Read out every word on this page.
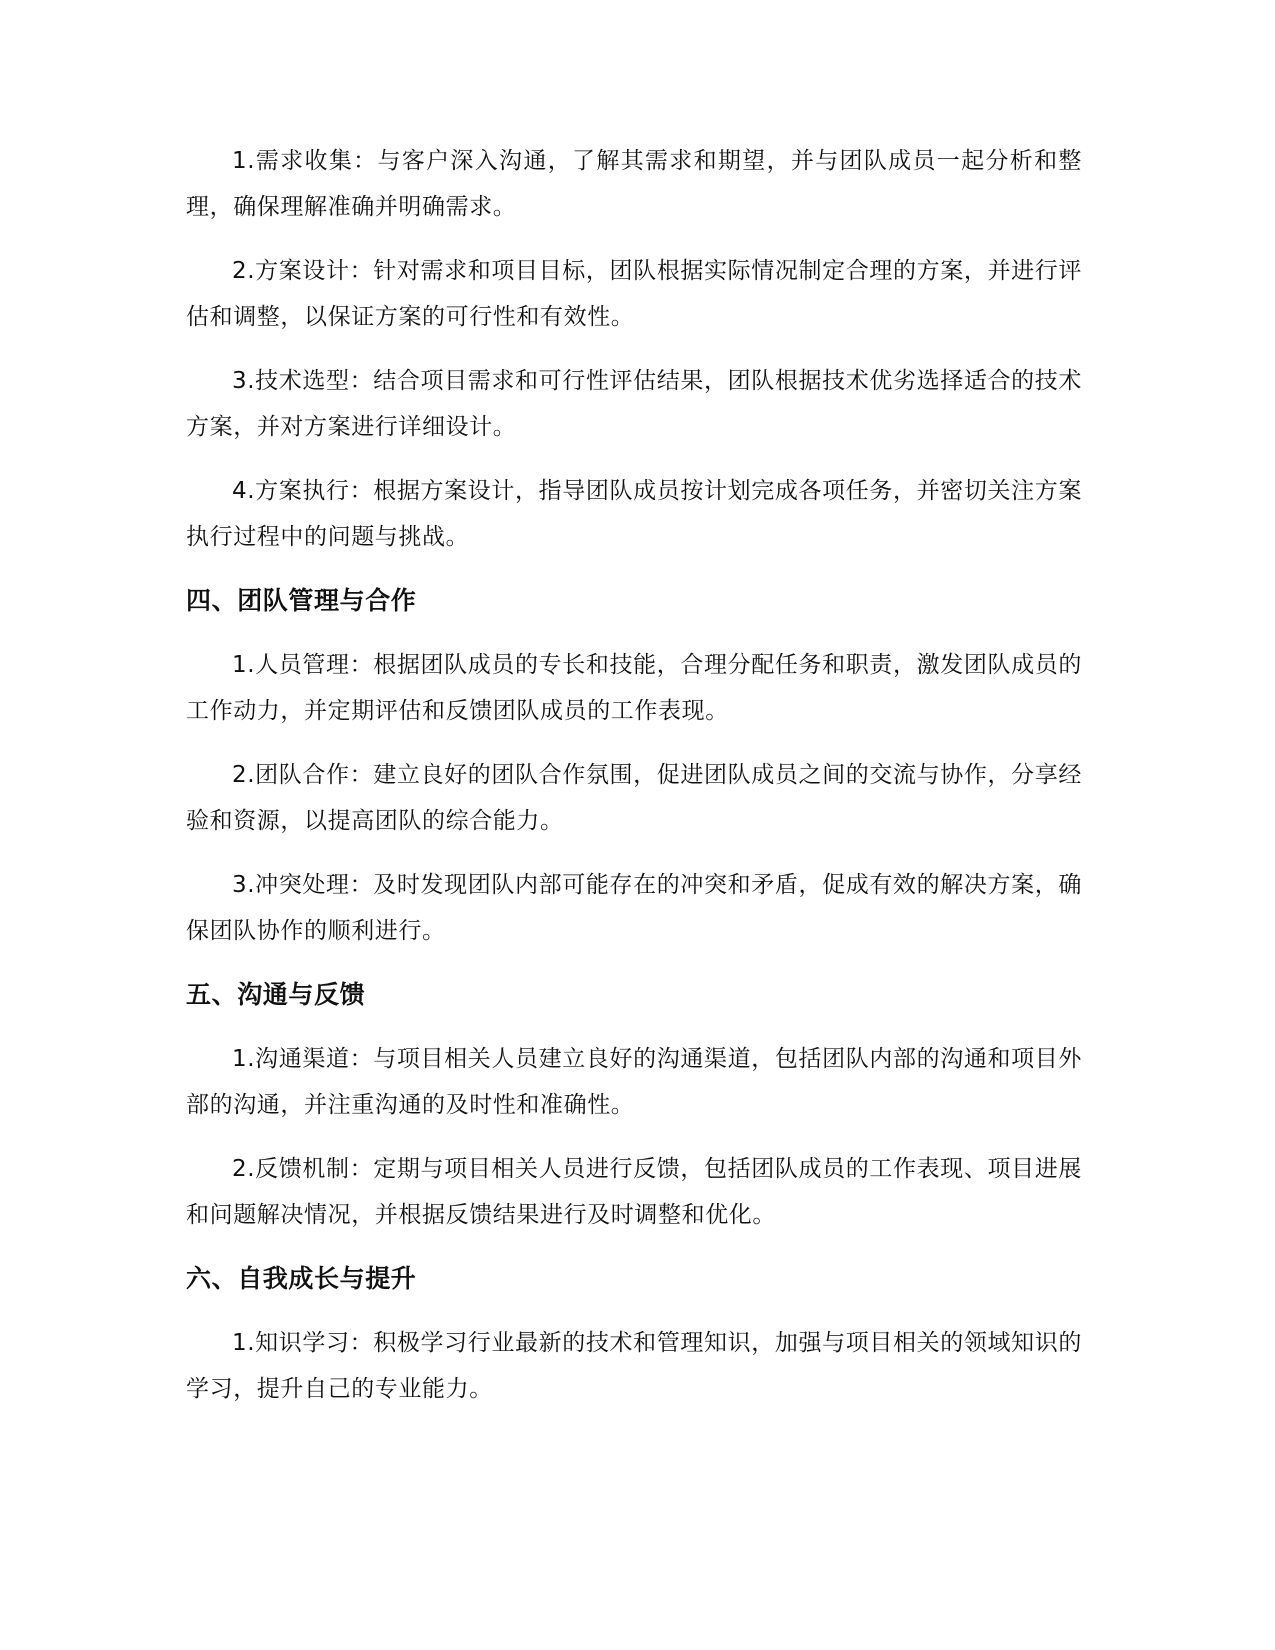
1.需求收集：与客户深入沟通，了解其需求和期望，并与团队成员一起分析和整理，确保理解准确并明确需求。

2.方案设计：针对需求和项目目标，团队根据实际情况制定合理的方案，并进行评估和调整，以保证方案的可行性和有效性。

3.技术选型：结合项目需求和可行性评估结果，团队根据技术优劣选择适合的技术方案，并对方案进行详细设计。

4.方案执行：根据方案设计，指导团队成员按计划完成各项任务，并密切关注方案执行过程中的问题与挑战。

四、团队管理与合作

1.人员管理：根据团队成员的专长和技能，合理分配任务和职责，激发团队成员的工作动力，并定期评估和反馈团队成员的工作表现。

2.团队合作：建立良好的团队合作氛围，促进团队成员之间的交流与协作，分享经验和资源，以提高团队的综合能力。

3.冲突处理：及时发现团队内部可能存在的冲突和矛盾，促成有效的解决方案，确保团队协作的顺利进行。

五、沟通与反馈

1.沟通渠道：与项目相关人员建立良好的沟通渠道，包括团队内部的沟通和项目外部的沟通，并注重沟通的及时性和准确性。

2.反馈机制：定期与项目相关人员进行反馈，包括团队成员的工作表现、项目进展和问题解决情况，并根据反馈结果进行及时调整和优化。

六、自我成长与提升

1.知识学习：积极学习行业最新的技术和管理知识，加强与项目相关的领域知识的学习，提升自己的专业能力。
